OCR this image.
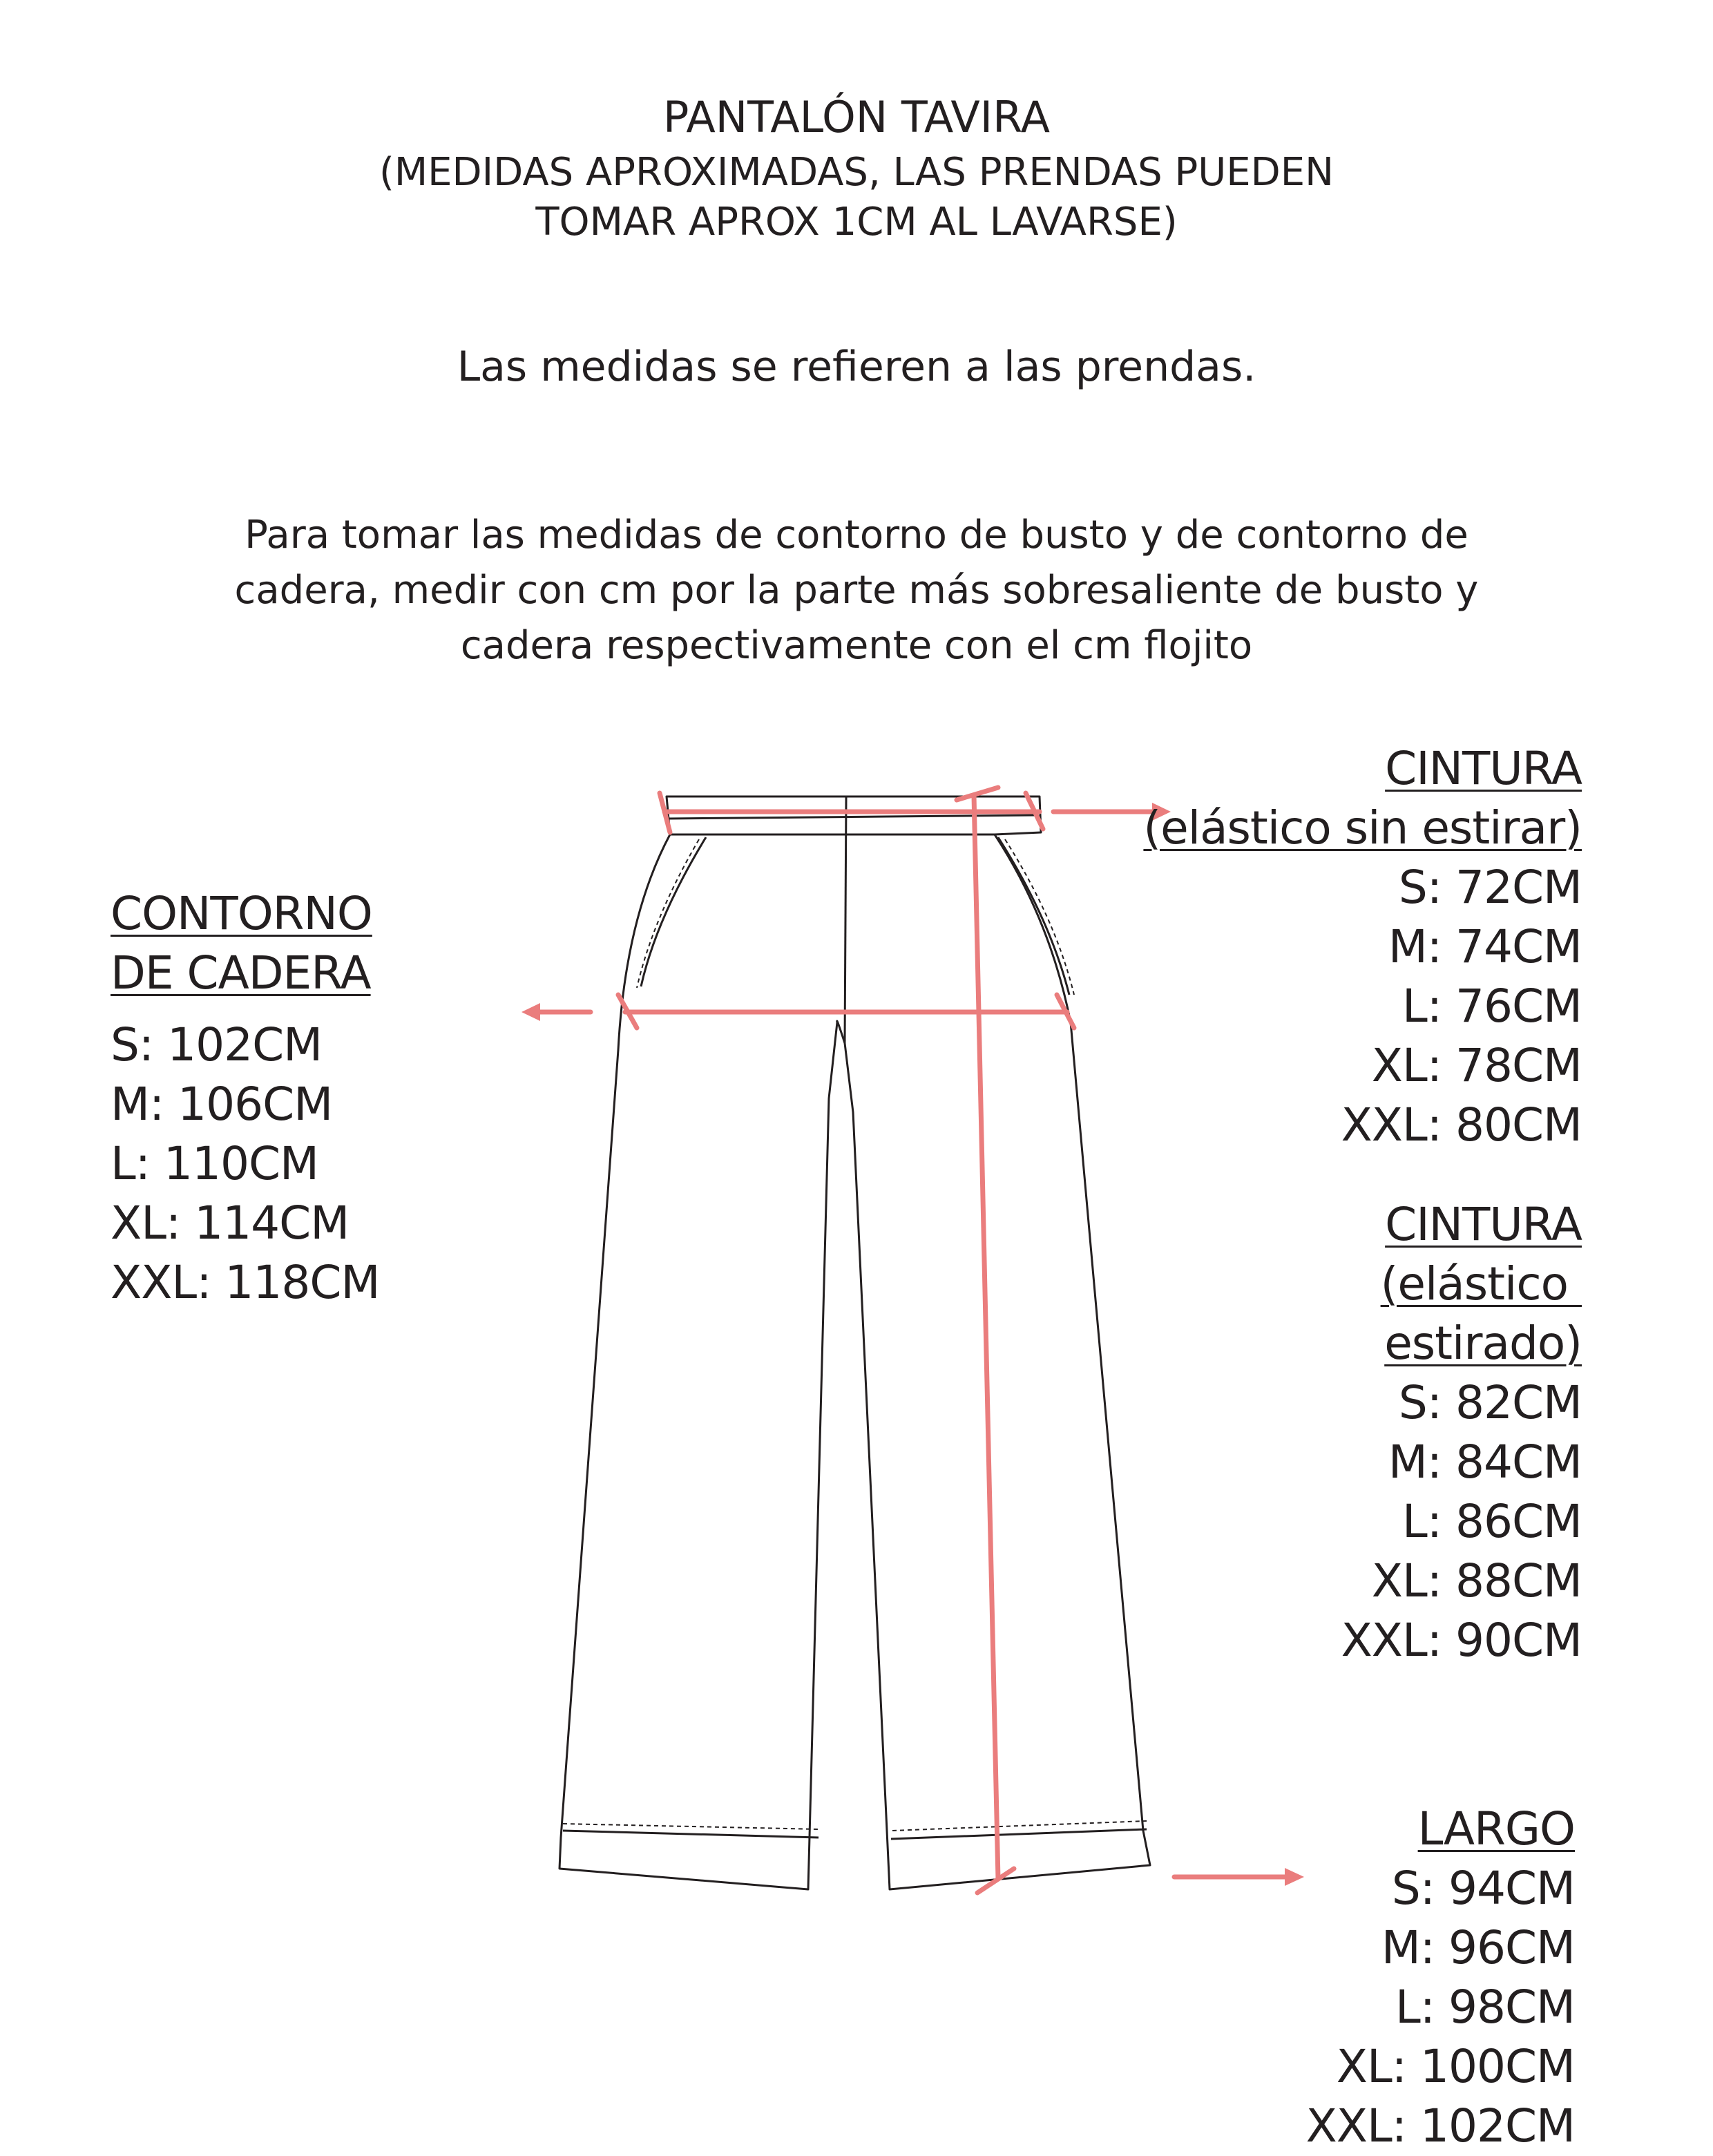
PANTALÓN TAVIRA
(MEDIDAS APROXIMADAS, LAS PRENDAS PUEDEN
TOMAR APROX 1CM AL LAVARSE)
Las medidas se refieren a las prendas.
Para tomar las medidas de contorno de busto y de contorno de
cadera, medir con cm por la parte más sobresaliente de busto y
cadera respectivamente con el cm flojito
CONTORNO
DE CADERA
S: 102CM
M: 106CM
L: 110CM
XL: 114CM
XXL: 118CM
CINTURA
(elástico sin estirar)
S: 72CM
M: 74CM
L: 76CM
XL: 78CM
XXL: 80CM
CINTURA
(elástico
estirado)
S: 82CM
M: 84CM
L: 86CM
XL: 88CM
XXL: 90CM
LARGO
S: 94CM
M: 96CM
L: 98CM
XL: 100CM
XXL: 102CM
